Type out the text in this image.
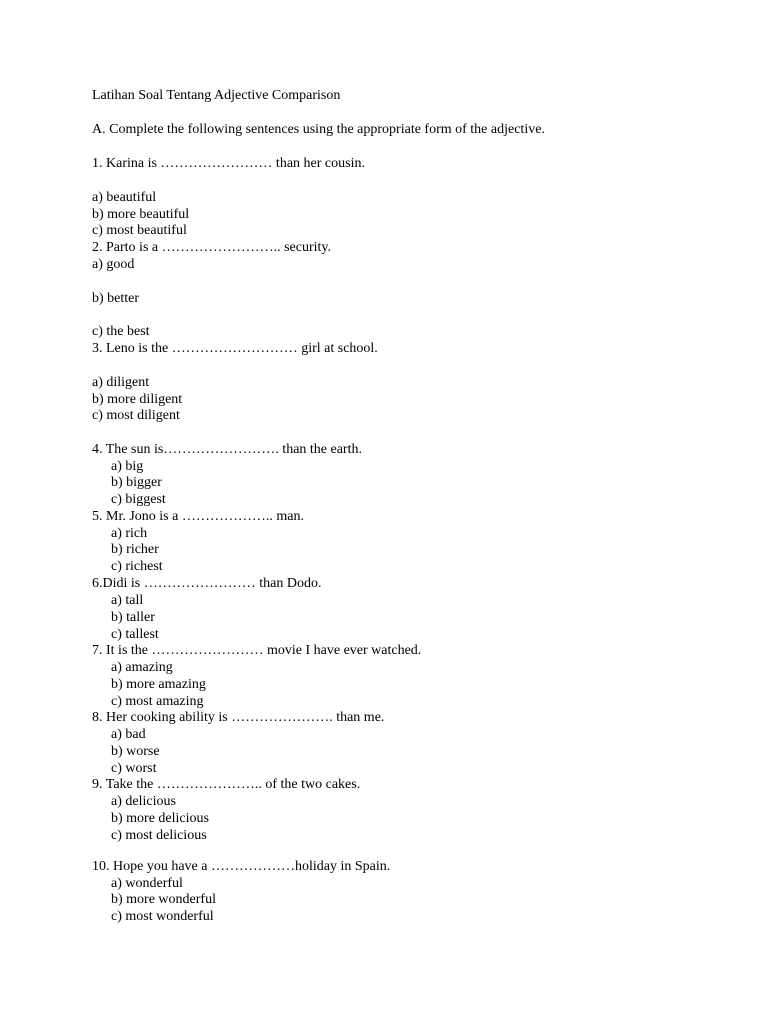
Latihan Soal Tentang Adjective Comparison
A. Complete the following sentences using the appropriate form of the adjective.
1. Karina is …………………… than her cousin.
a) beautiful
b) more beautiful
c) most beautiful
2. Parto is a …………………….. security.
a) good
b) better
c) the best
3. Leno is the ……………………… girl at school.
a) diligent
b) more diligent
c) most diligent
4. The sun is……………………. than the earth.
a) big
b) bigger
c) biggest
5. Mr. Jono is a ……………….. man.
a) rich
b) richer
c) richest
6.Didi is …………………… than Dodo.
a) tall
b) taller
c) tallest
7. It is the …………………… movie I have ever watched.
a) amazing
b) more amazing
c) most amazing
8. Her cooking ability is …………………. than me.
a) bad
b) worse
c) worst
9. Take the ………………….. of the two cakes.
a) delicious
b) more delicious
c) most delicious
10. Hope you have a ………………holiday in Spain.
a) wonderful
b) more wonderful
c) most wonderful
